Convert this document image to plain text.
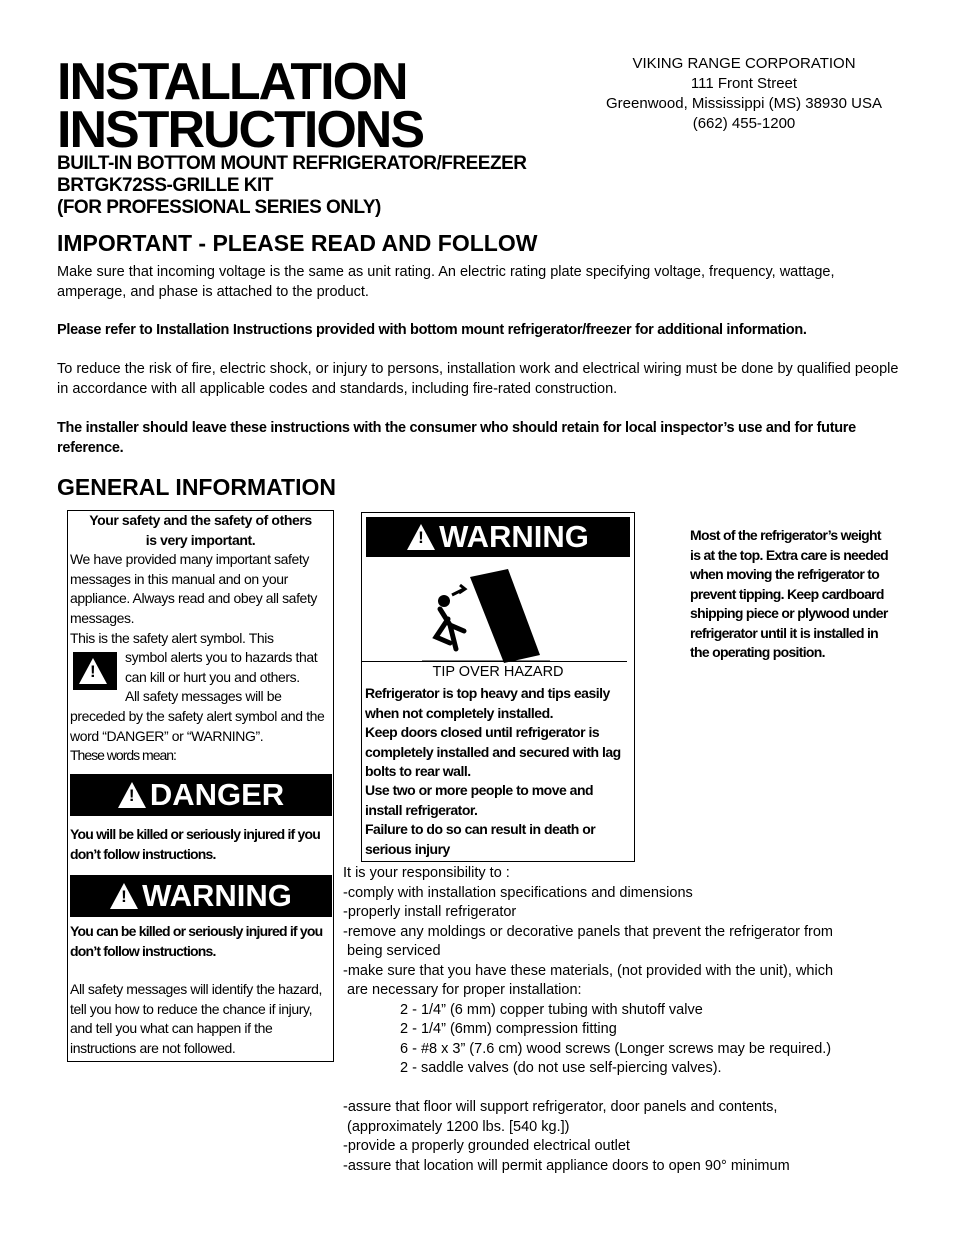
INSTALLATION
INSTRUCTIONS
BUILT-IN BOTTOM MOUNT REFRIGERATOR/FREEZER
BRTGK72SS-GRILLE KIT
(FOR PROFESSIONAL SERIES ONLY)
VIKING RANGE CORPORATION
111 Front Street
Greenwood, Mississippi (MS) 38930 USA
(662) 455-1200
IMPORTANT - PLEASE READ AND FOLLOW
Make sure that incoming voltage is the same as unit rating. An electric rating plate specifying voltage, frequency, wattage, amperage, and phase is attached to the product.
Please refer to Installation Instructions provided with bottom mount refrigerator/freezer for additional information.
To reduce the risk of fire, electric shock, or injury to persons, installation work and electrical wiring must be done by qualified people in accordance with all applicable codes and standards, including fire-rated construction.
The installer should leave these instructions with the consumer who should retain for local inspector’s use and for future reference.
GENERAL INFORMATION
Your safety and the safety of others
is very important.
We have provided many important safety messages in this manual and on your appliance. Always read and obey all safety messages.
This is the safety alert symbol. This
!
symbol alerts you to hazards that
can kill or hurt you and others.
All safety messages will be
preceded by the safety alert symbol and the word “DANGER” or “WARNING”.
These words mean:
! DANGER
You will be killed or seriously injured if you don’t follow instructions.
! WARNING
You can be killed or seriously injured if you don’t follow instructions.
All safety messages will identify the hazard, tell you how to reduce the chance if injury, and tell you what can happen if the instructions are not followed.
! WARNING
TIP OVER HAZARD
Refrigerator is top heavy and tips easily when not completely installed.
Keep doors closed until refrigerator is completely installed and secured with lag bolts to rear wall.
Use two or more people to move and install refrigerator.
Failure to do so can result in death or serious injury
Most of the refrigerator’s weight is at the top. Extra care is needed when moving the refrigerator to prevent tipping. Keep cardboard shipping piece or plywood under refrigerator until it is installed in the operating position.
It is your responsibility to :
-comply with installation specifications and dimensions
-properly install refrigerator
-remove any moldings or decorative panels that prevent the refrigerator from
being serviced
-make sure that you have these materials, (not provided with the unit), which
are necessary for proper installation:
2 - 1/4” (6 mm) copper tubing with shutoff valve
2 - 1/4” (6mm) compression fitting
6 - #8 x 3” (7.6 cm) wood screws (Longer screws may be required.)
2 - saddle valves (do not use self-piercing valves).
-assure that floor will support refrigerator, door panels and contents,
(approximately 1200 lbs. [540 kg.])
-provide a properly grounded electrical outlet
-assure that location will permit appliance doors to open 90° minimum
